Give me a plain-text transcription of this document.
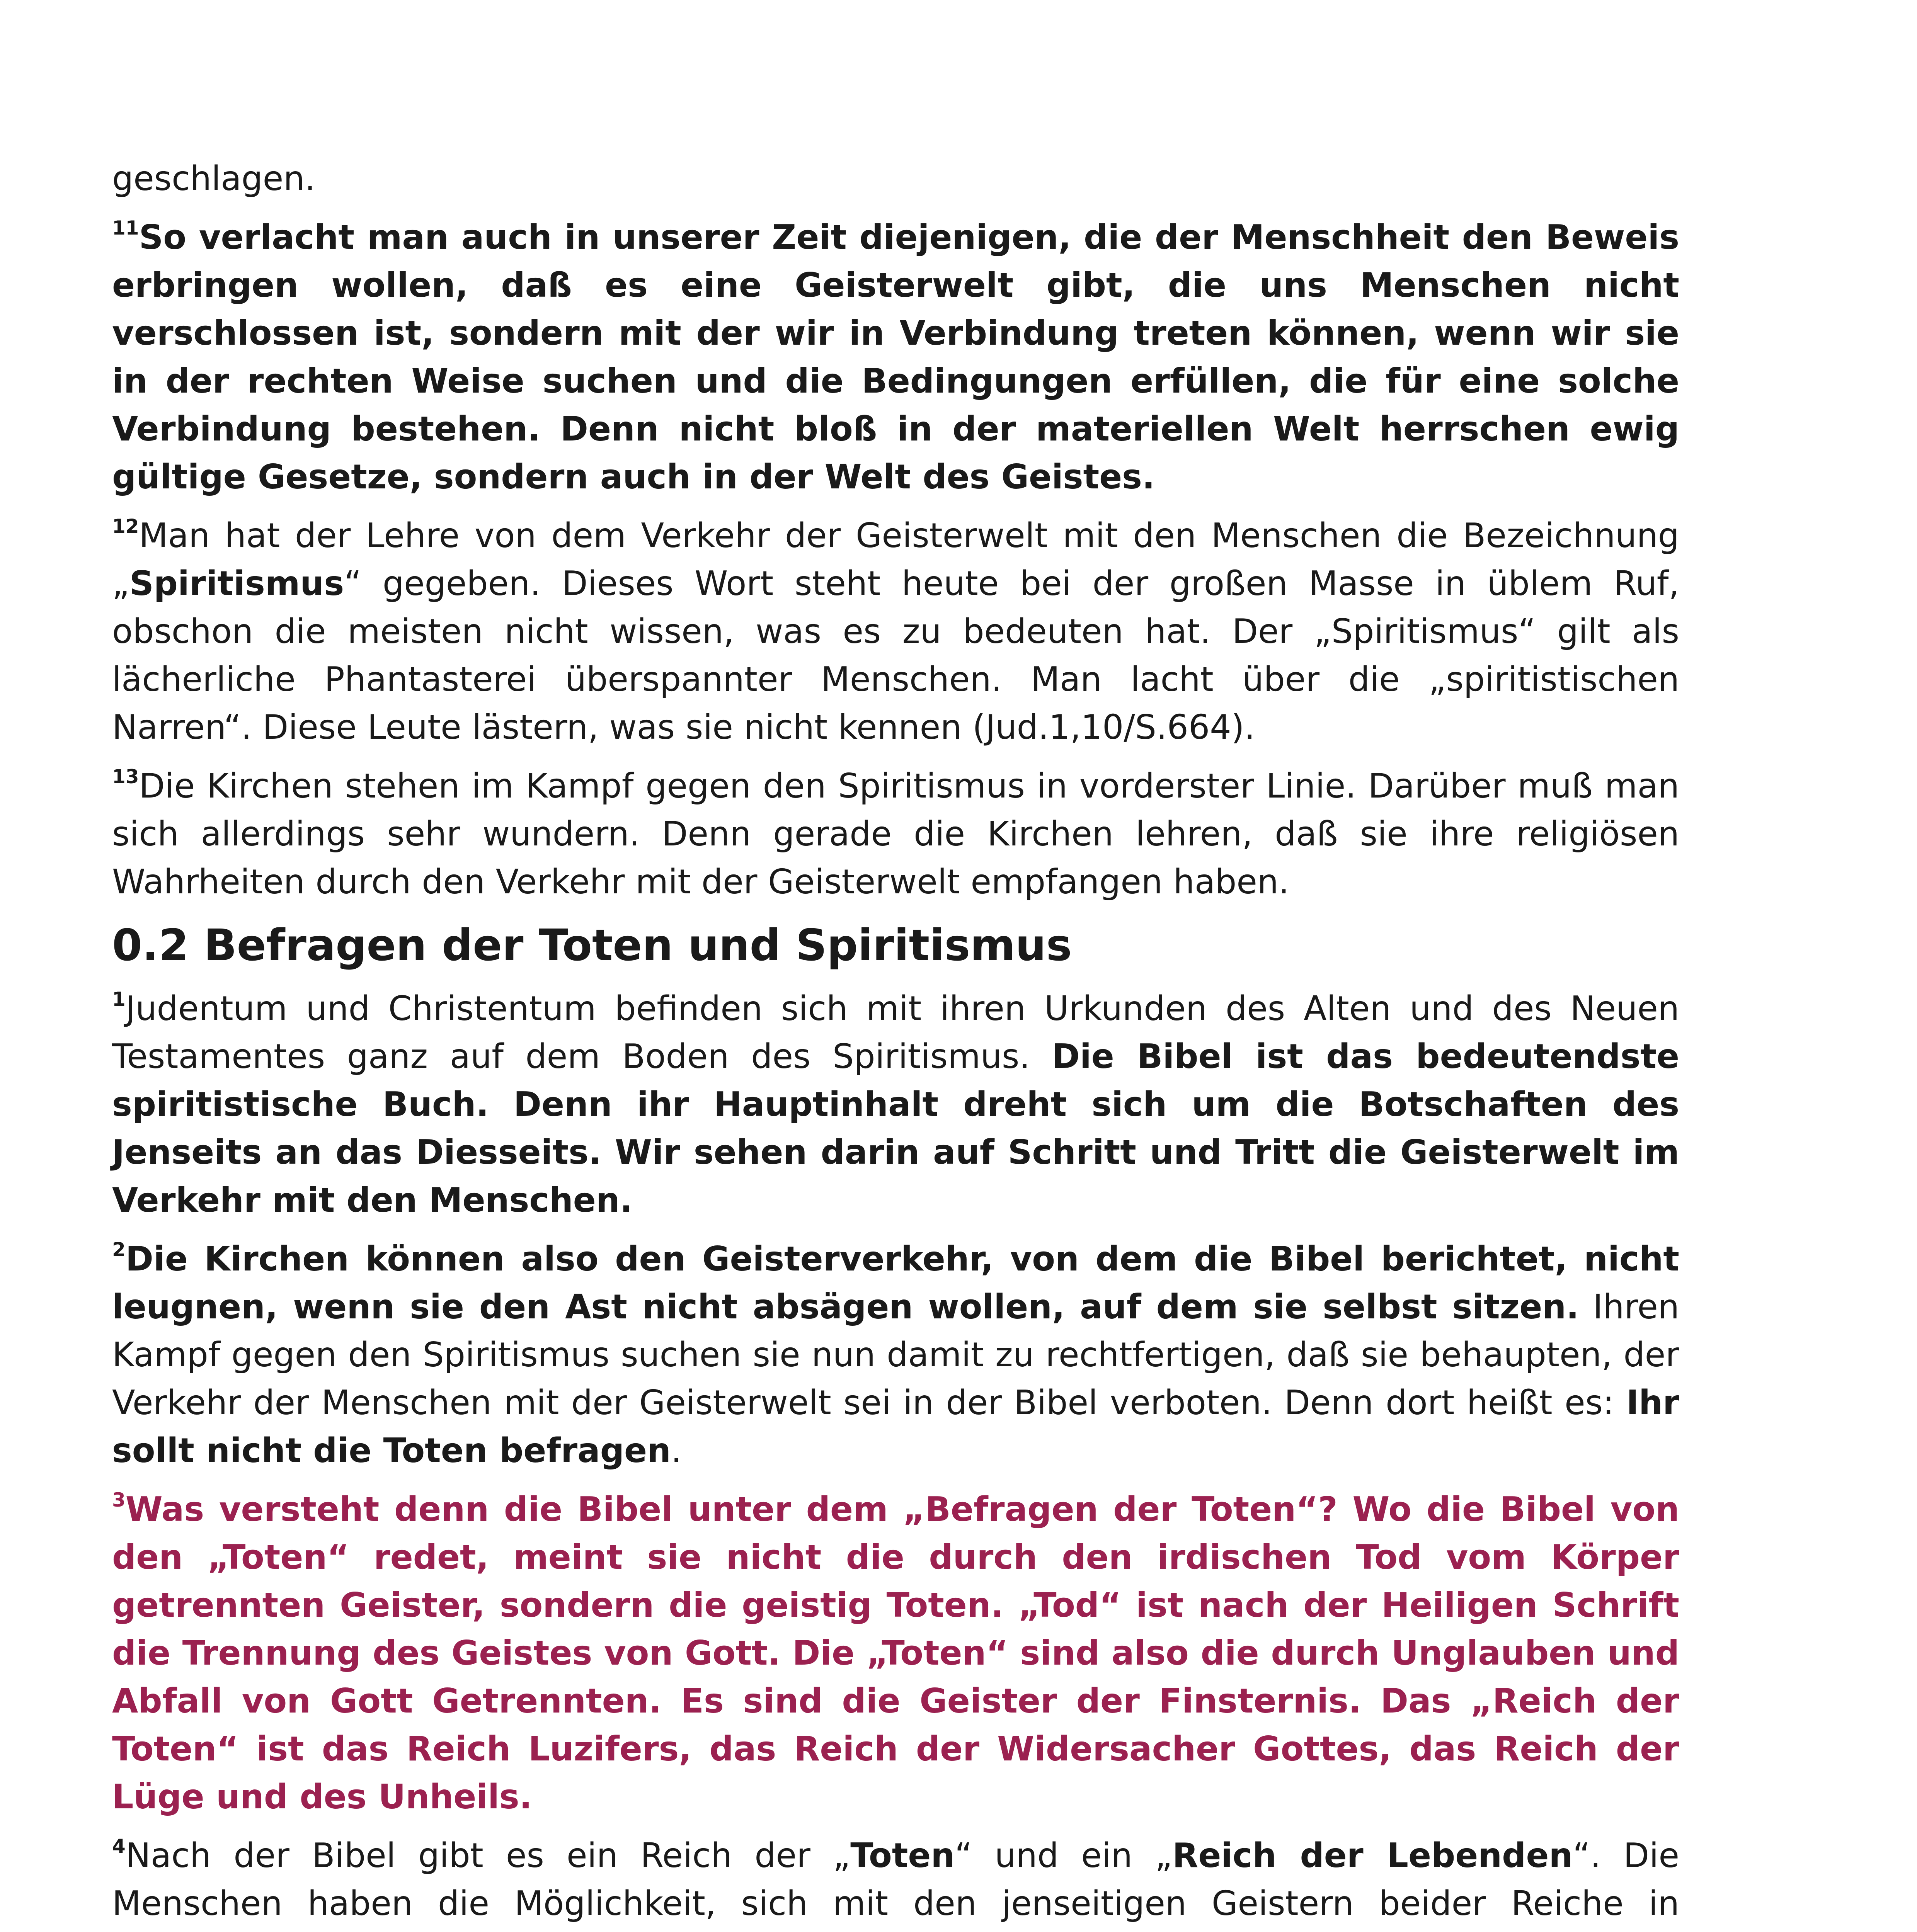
geschlagen.

$^{11}$So verlacht man auch in unserer Zeit diejenigen, die der Menschheit den Beweis erbringen wollen, daß es eine Geisterwelt gibt, die uns Menschen nicht verschlossen ist, sondern mit der wir in Verbindung treten können, wenn wir sie in der rechten Weise suchen und die Bedingungen erfüllen, die für eine solche Verbindung bestehen. Denn nicht bloß in der materiellen Welt herrschen ewig gültige Gesetze, sondern auch in der Welt des Geistes.

$^{12}$Man hat der Lehre von dem Verkehr der Geisterwelt mit den Menschen die Bezeichnung „Spiritismus“ gegeben. Dieses Wort steht heute bei der großen Masse in üblem Ruf, obschon die meisten nicht wissen, was es zu bedeuten hat. Der „Spiritismus“ gilt als lächerliche Phantasterei überspannter Menschen. Man lacht über die „spiritistischen Narren“. Diese Leute lästern, was sie nicht kennen (Jud.1,10/S.664).

$^{13}$Die Kirchen stehen im Kampf gegen den Spiritismus in vorderster Linie. Darüber muß man sich allerdings sehr wundern. Denn gerade die Kirchen lehren, daß sie ihre religiösen Wahrheiten durch den Verkehr mit der Geisterwelt empfangen haben.

0.2 Befragen der Toten und Spiritismus

$^1$Judentum und Christentum befinden sich mit ihren Urkunden des Alten und des Neuen Testamentes ganz auf dem Boden des Spiritismus. Die Bibel ist das bedeutendste spiritistische Buch. Denn ihr Hauptinhalt dreht sich um die Botschaften des Jenseits an das Diesseits. Wir sehen darin auf Schritt und Tritt die Geisterwelt im Verkehr mit den Menschen.

$^2$Die Kirchen können also den Geisterverkehr, von dem die Bibel berichtet, nicht leugnen, wenn sie den Ast nicht absägen wollen, auf dem sie selbst sitzen. Ihren Kampf gegen den Spiritismus suchen sie nun damit zu rechtfertigen, daß sie behaupten, der Verkehr der Menschen mit der Geisterwelt sei in der Bibel verboten. Denn dort heißt es: Ihr sollt nicht die Toten befragen.

$^3$Was versteht denn die Bibel unter dem „Befragen der Toten“? Wo die Bibel von den „Toten“ redet, meint sie nicht die durch den irdischen Tod vom Körper getrennten Geister, sondern die geistig Toten. „Tod“ ist nach der Heiligen Schrift die Trennung des Geistes von Gott. Die „Toten“ sind also die durch Unglauben und Abfall von Gott Getrennten. Es sind die Geister der Finsternis. Das „Reich der Toten“ ist das Reich Luzifers, das Reich der Widersacher Gottes, das Reich der Lüge und des Unheils.

$^4$Nach der Bibel gibt es ein Reich der „Toten“ und ein „Reich der Lebenden“. Die Menschen haben die Möglichkeit, sich mit den jenseitigen Geistern beider Reiche in
